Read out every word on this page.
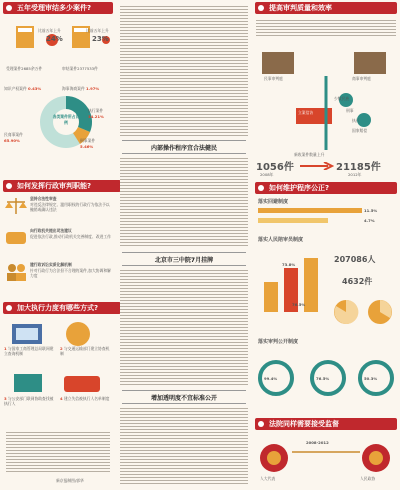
五年受理审结多少案件?
比前五年上升
24%
比前五年上升
23%
受理案件2685余万件	审结案件2377533件
各类案件所占比例
知识产权案件 0.43%	海事海商案件 1.97%
执行案件
34.21%
民商事案件
65.90%	刑事案件
5.46%
如何发挥行政审判职能?
坚持合法性审查
对违反法律规定、滥用职权的行政行为依法予以撤销或确认违法
向行政机关提出司法建议
促进依法行政,推动行政机关完善制度、改进工作
建行政诉讼实质化解机制
针对行政行为合法但不合理的案件,加大协调和解力度
加大执行力度有哪些方式?
1 与国家工商管理总局联网建立查询机制
2 与交通运输部门建立协查机制
3 与公安部门联网协助查找被执行人
4 建立失信被执行人名单制度
新京报制图/郭华
内部操作程序宜合法健民
北京市三中院7月挂牌
增加透明度不宜标准公开
提高审判质量和效率
民事审判庭	商事审判庭
立案信访
少数民族
刑事
执行
国家赔偿
新收案件数量上升
1056件	21185件
2008年	2012年
如何维护程序公正?
落实回避制度
11.5%
4.7%
落实人民陪审员制度
207086人
4632件
73.8%
76.5%
落实审判公开制度
99.4%	76.5%	50.3%
法院同样需要接受监督
2008-2012
人大代表	人民政协
